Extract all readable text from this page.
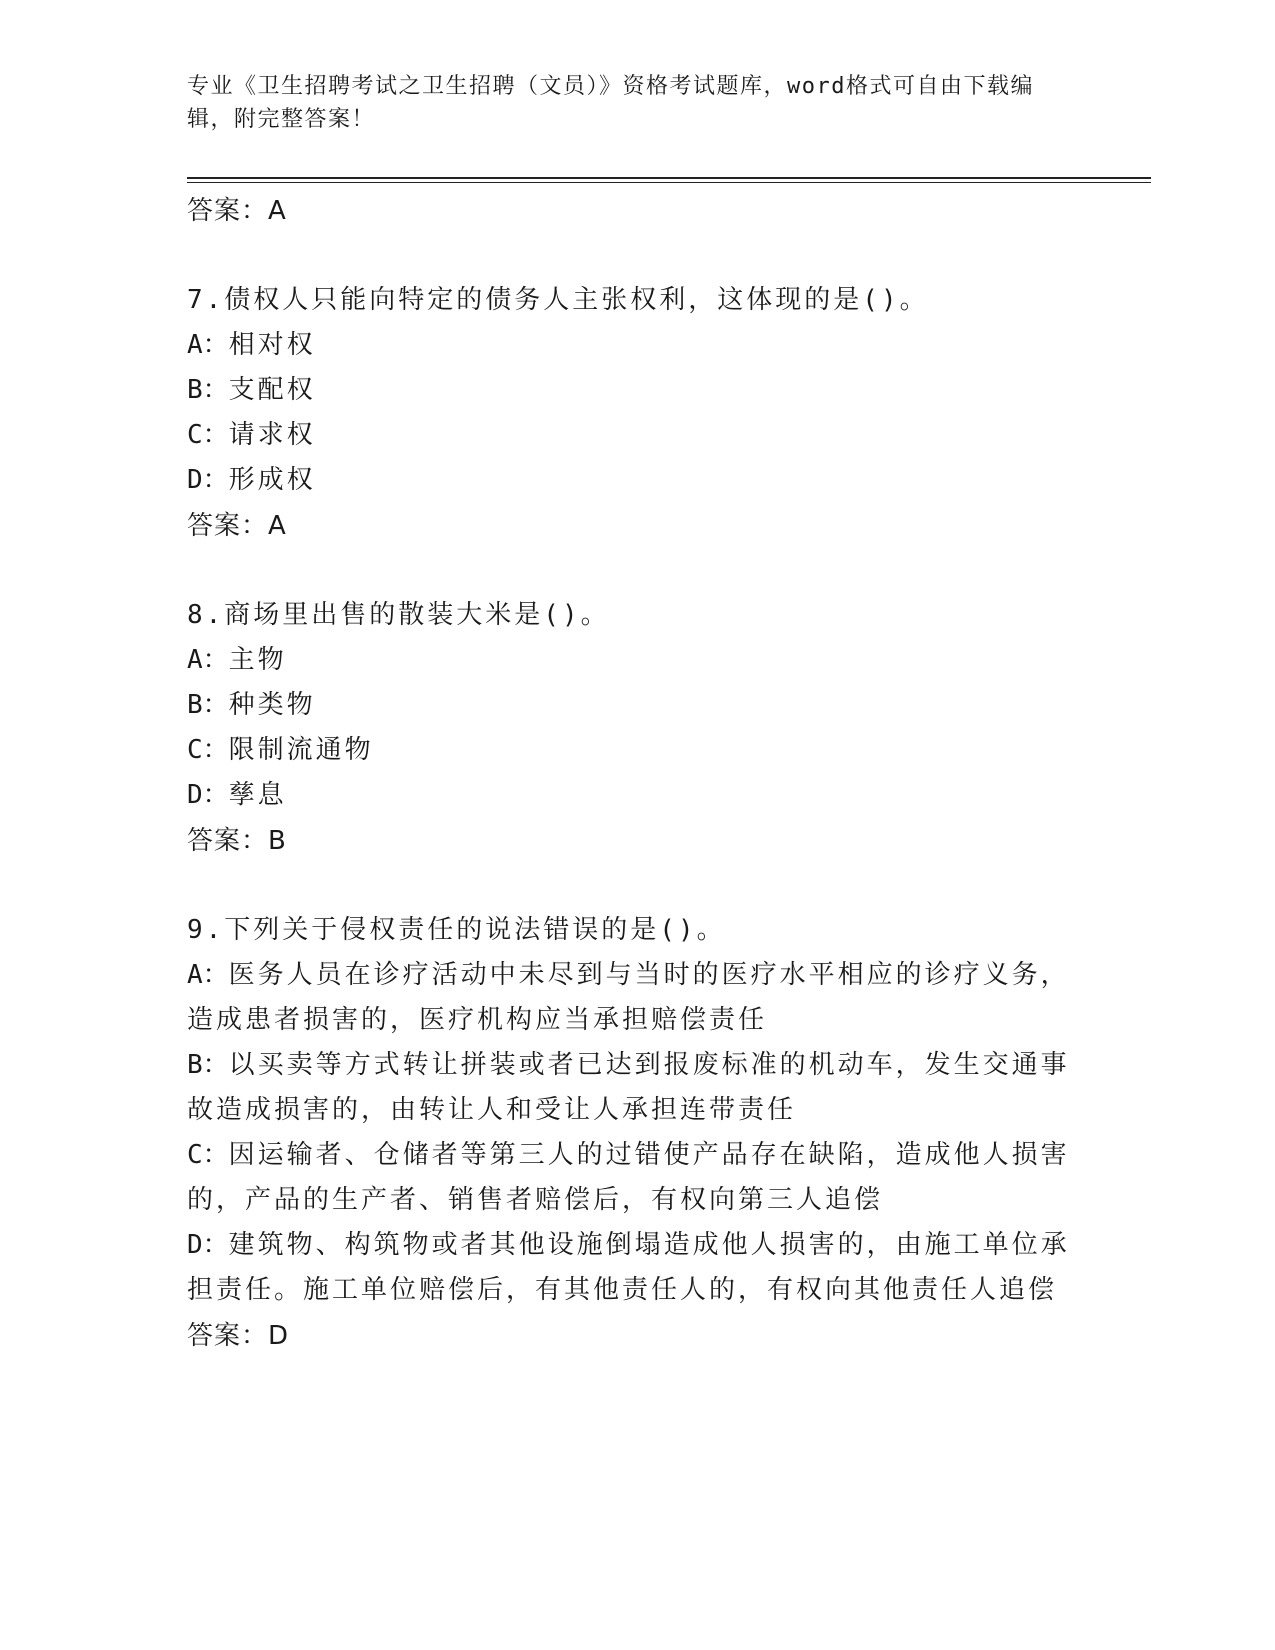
专业《卫生招聘考试之卫生招聘（文员）》资格考试题库，word格式可自由下载编辑，附完整答案！
答案：A
7.债权人只能向特定的债务人主张权利，这体现的是()。
A：相对权
B：支配权
C：请求权
D：形成权
答案：A
8.商场里出售的散装大米是()。
A：主物
B：种类物
C：限制流通物
D：孳息
答案：B
9.下列关于侵权责任的说法错误的是()。
A：医务人员在诊疗活动中未尽到与当时的医疗水平相应的诊疗义务，造成患者损害的，医疗机构应当承担赔偿责任
B：以买卖等方式转让拼装或者已达到报废标准的机动车，发生交通事故造成损害的，由转让人和受让人承担连带责任
C：因运输者、仓储者等第三人的过错使产品存在缺陷，造成他人损害的，产品的生产者、销售者赔偿后，有权向第三人追偿
D：建筑物、构筑物或者其他设施倒塌造成他人损害的，由施工单位承担责任。施工单位赔偿后，有其他责任人的，有权向其他责任人追偿
答案：D
